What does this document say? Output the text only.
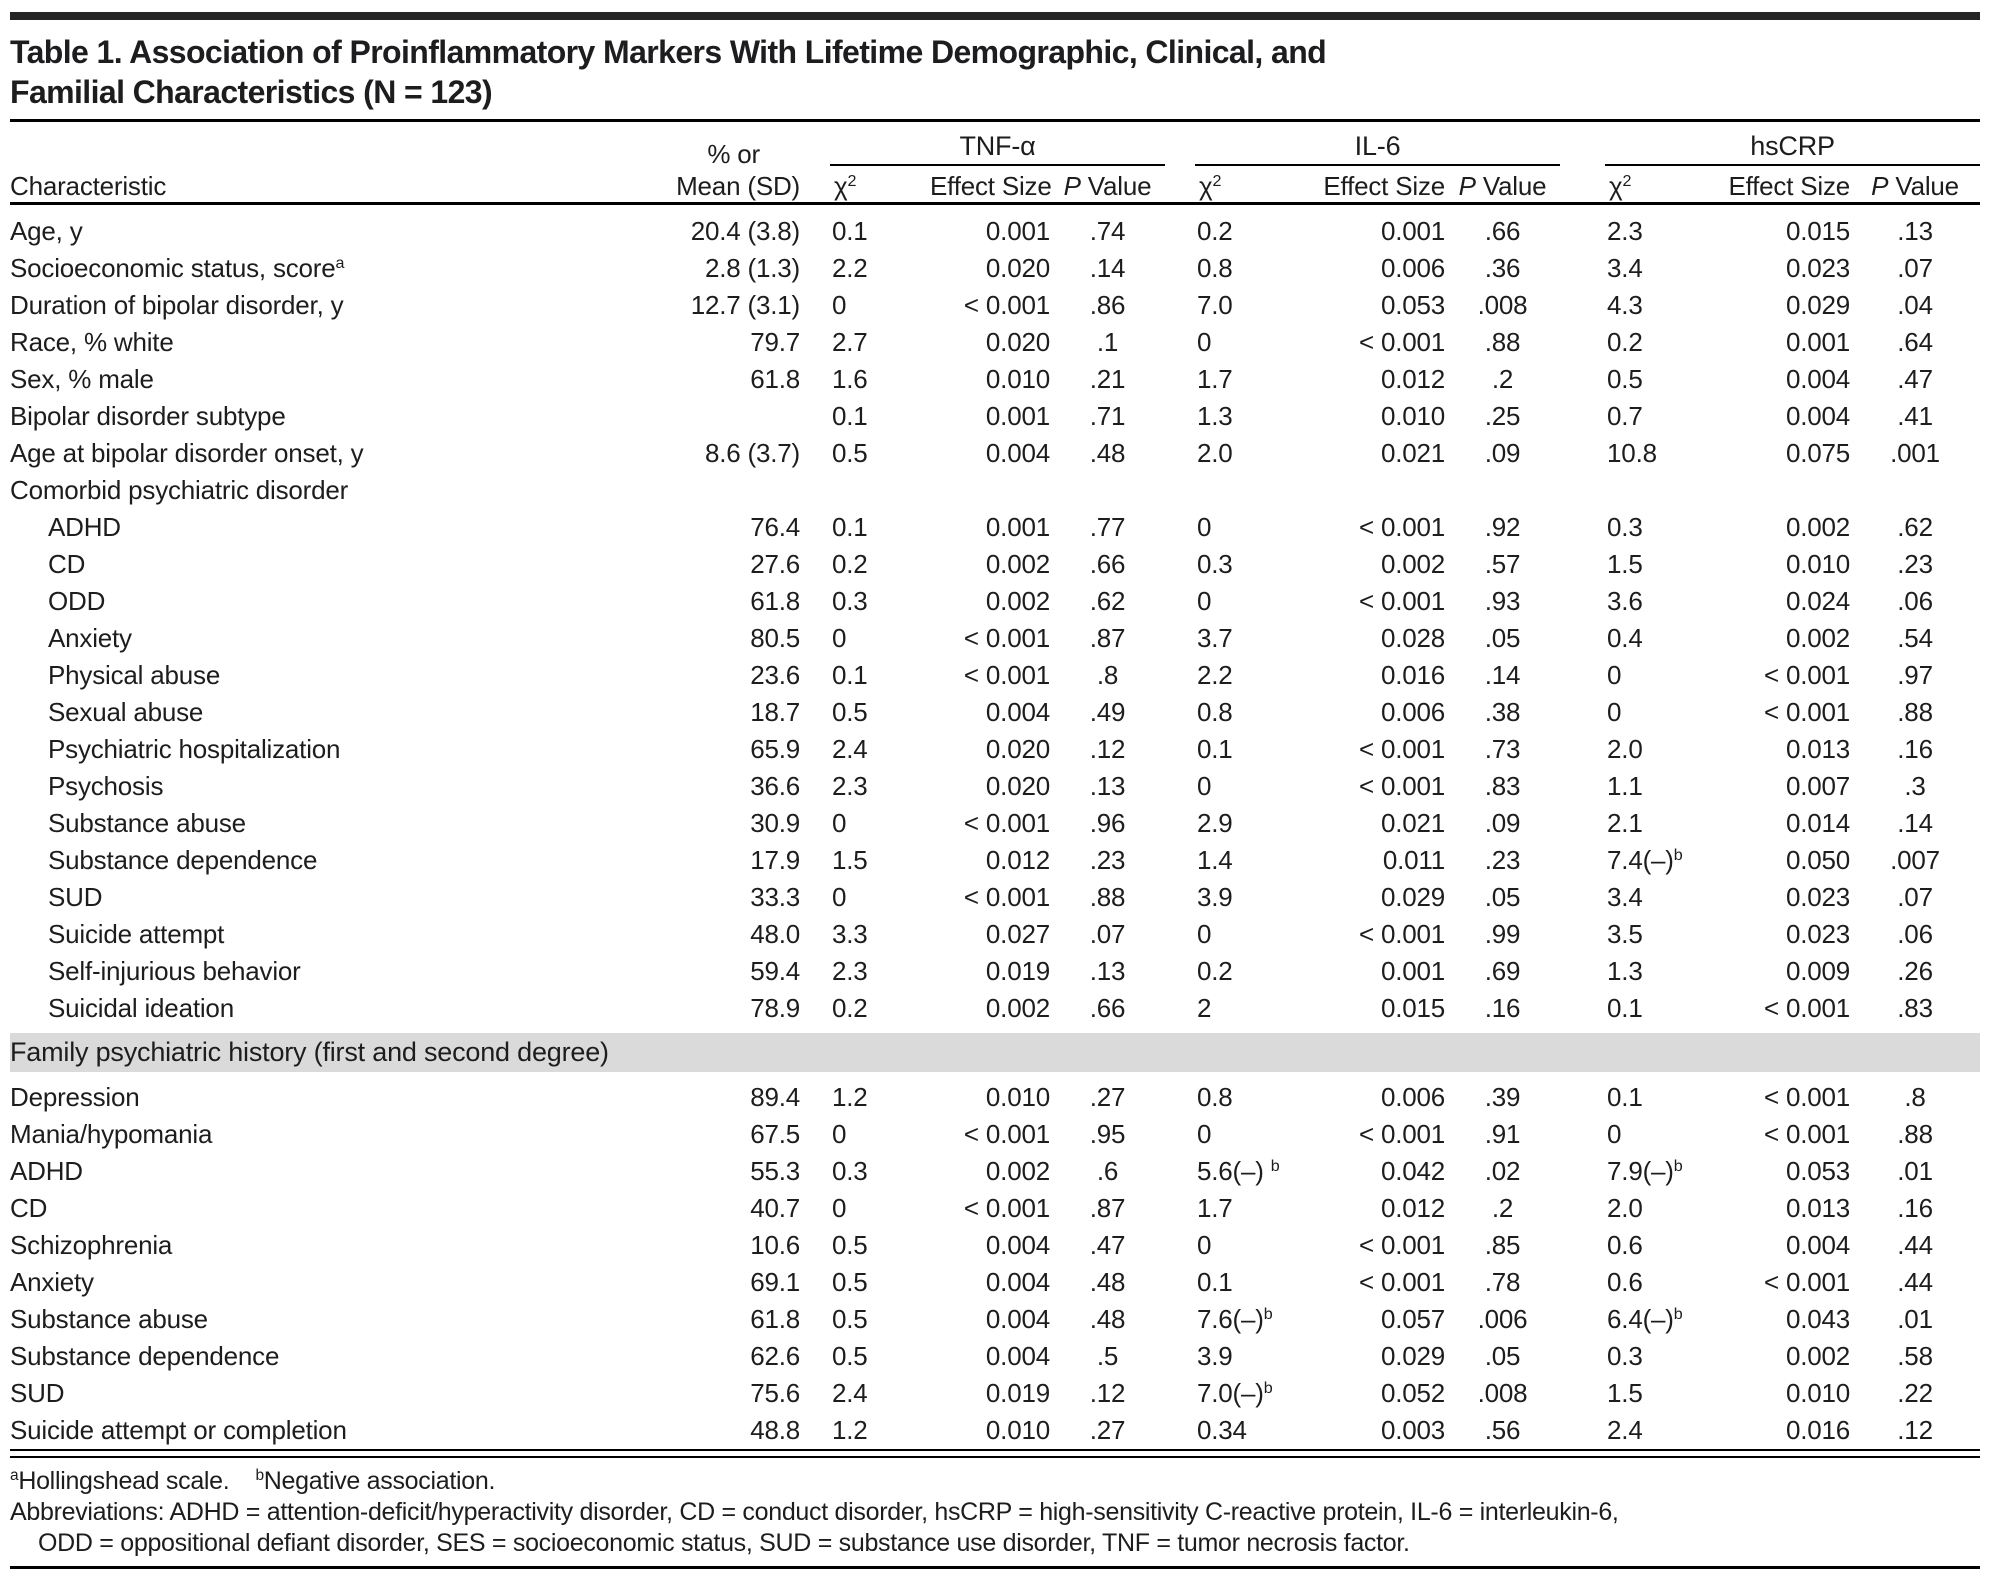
Table 1. Association of Proinflammatory Markers With Lifetime Demographic, Clinical, and
Familial Characteristics (N = 123)
Characteristic	% or
Mean (SD)		TNF-α				IL-6				hsCRP		
			$\chi^2$	Effect Size	P Value		$\chi^2$	Effect Size	P Value		$\chi^2$	Effect Size	P Value

Age, y	20.4 (3.8)		0.1	0.001	.74		0.2	0.001	.66		2.3	0.015	.13
Socioeconomic status, score$^a$	2.8 (1.3)		2.2	0.020	.14		0.8	0.006	.36		3.4	0.023	.07
Duration of bipolar disorder, y	12.7 (3.1)		0	< 0.001	.86		7.0	0.053	.008		4.3	0.029	.04
Race, % white	79.7		2.7	0.020	.1		0	< 0.001	.88		0.2	0.001	.64
Sex, % male	61.8		1.6	0.010	.21		1.7	0.012	.2		0.5	0.004	.47
Bipolar disorder subtype			0.1	0.001	.71		1.3	0.010	.25		0.7	0.004	.41
Age at bipolar disorder onset, y	8.6 (3.7)		0.5	0.004	.48		2.0	0.021	.09		10.8	0.075	.001
Comorbid psychiatric disorder													
ADHD	76.4		0.1	0.001	.77		0	< 0.001	.92		0.3	0.002	.62
CD	27.6		0.2	0.002	.66		0.3	0.002	.57		1.5	0.010	.23
ODD	61.8		0.3	0.002	.62		0	< 0.001	.93		3.6	0.024	.06
Anxiety	80.5		0	< 0.001	.87		3.7	0.028	.05		0.4	0.002	.54
Physical abuse	23.6		0.1	< 0.001	.8		2.2	0.016	.14		0	< 0.001	.97
Sexual abuse	18.7		0.5	0.004	.49		0.8	0.006	.38		0	< 0.001	.88
Psychiatric hospitalization	65.9		2.4	0.020	.12		0.1	< 0.001	.73		2.0	0.013	.16
Psychosis	36.6		2.3	0.020	.13		0	< 0.001	.83		1.1	0.007	.3
Substance abuse	30.9		0	< 0.001	.96		2.9	0.021	.09		2.1	0.014	.14
Substance dependence	17.9		1.5	0.012	.23		1.4	0.011	.23		$7.4(-)^b$	0.050	.007
SUD	33.3		0	< 0.001	.88		3.9	0.029	.05		3.4	0.023	.07
Suicide attempt	48.0		3.3	0.027	.07		0	< 0.001	.99		3.5	0.023	.06
Self-injurious behavior	59.4		2.3	0.019	.13		0.2	0.001	.69		1.3	0.009	.26
Suicidal ideation	78.9		0.2	0.002	.66		2	0.015	.16		0.1	< 0.001	.83
Family psychiatric history (first and second degree)													
Depression	89.4		1.2	0.010	.27		0.8	0.006	.39		0.1	< 0.001	.8
Mania/hypomania	67.5		0	< 0.001	.95		0	< 0.001	.91		0	< 0.001	.88
ADHD	55.3		0.3	0.002	.6		5.6(–) $^b$	0.042	.02		$7.9(-)^b$	0.053	.01
CD	40.7		0	< 0.001	.87		1.7	0.012	.2		2.0	0.013	.16
Schizophrenia	10.6		0.5	0.004	.47		0	< 0.001	.85		0.6	0.004	.44
Anxiety	69.1		0.5	0.004	.48		0.1	< 0.001	.78		0.6	< 0.001	.44
Substance abuse	61.8		0.5	0.004	.48		$7.6(-)^b$	0.057	.006		$6.4(-)^b$	0.043	.01
Substance dependence	62.6		0.5	0.004	.5		3.9	0.029	.05		0.3	0.002	.58
SUD	75.6		2.4	0.019	.12		$7.0(-)^b$	0.052	.008		1.5	0.010	.22
Suicide attempt or completion	48.8		1.2	0.010	.27		0.34	0.003	.56		2.4	0.016	.12

$^a$Hollingshead scale. $^b$Negative association.
Abbreviations: ADHD = attention-deficit/hyperactivity disorder, CD = conduct disorder, hsCRP = high-sensitivity C-reactive protein, IL-6 = interleukin-6,
ODD = oppositional defiant disorder, SES = socioeconomic status, SUD = substance use disorder, TNF = tumor necrosis factor.
